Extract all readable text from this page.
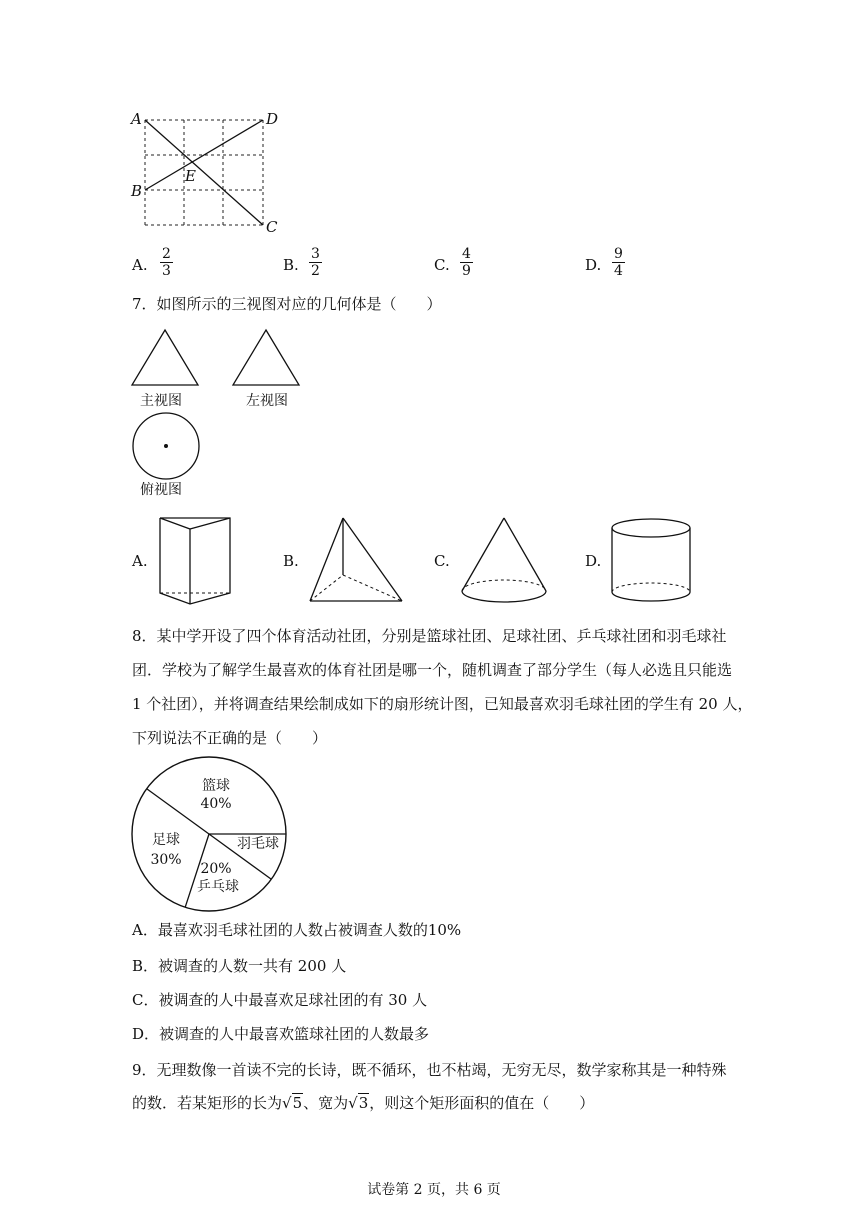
A	D
B
E
C
A. $\frac{2}{3}$	B. $\frac{3}{2}$	C. $\frac{4}{9}$	D. $\frac{9}{4}$
7．如图所示的三视图对应的几何体是（　　）
主视图	左视图
俯视图
A.	B.	C.	D.
8．某中学开设了四个体育活动社团，分别是篮球社团、足球社团、乒乓球社团和羽毛球社
团．学校为了解学生最喜欢的体育社团是哪一个，随机调查了部分学生（每人必选且只能选
1 个社团），并将调查结果绘制成如下的扇形统计图，已知最喜欢羽毛球社团的学生有 20 人，
下列说法不正确的是（　　）
篮球
40%
足球
30%
乒乓球
20%
羽毛球
A．最喜欢羽毛球社团的人数占被调查人数的10%
B．被调查的人数一共有 200 人
C．被调查的人中最喜欢足球社团的有 30 人
D．被调查的人中最喜欢篮球社团的人数最多
9．无理数像一首读不完的长诗，既不循环，也不枯竭，无穷无尽，数学家称其是一种特殊
的数．若某矩形的长为√5、宽为√3，则这个矩形面积的值在（　　）
试卷第 2 页，共 6 页
